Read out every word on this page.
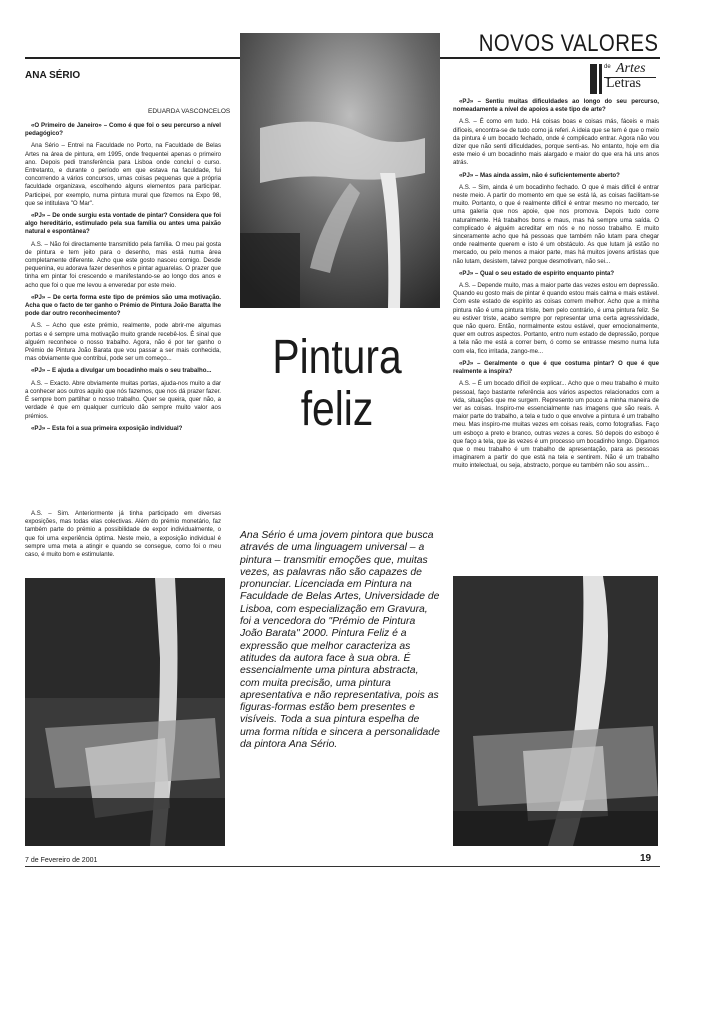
NOVOS VALORES
de Artes
Letras
ANA SÉRIO
EDUARDA VASCONCELOS

«O Primeiro de Janeiro» – Como é que foi o seu percurso a nível pedagógico?

Ana Sério – Entrei na Faculdade no Porto, na Faculdade de Belas Artes na área de pintura, em 1995, onde frequentei apenas o primeiro ano. Depois pedi transferência para Lisboa onde concluí o curso. Entretanto, e durante o período em que estava na faculdade, fui concorrendo a vários concursos, umas coisas pequenas que a própria faculdade organizava, escolhendo alguns elementos para participar. Participei, por exemplo, numa pintura mural que fizemos na Expo 98, que se intitulava "O Mar".

«PJ» – De onde surgiu esta vontade de pintar? Considera que foi algo hereditário, estimulado pela sua família ou antes uma paixão natural e espontânea?

A.S. – Não foi directamente transmitido pela família. O meu pai gosta de pintura e tem jeito para o desenho, mas está numa área completamente diferente. Acho que este gosto nasceu comigo. Desde pequenina, eu adorava fazer desenhos e pintar aguarelas. O prazer que tinha em pintar foi crescendo e manifestando-se ao longo dos anos e acho que foi o que me levou a enveredar por este meio.

«PJ» – De certa forma este tipo de prémios são uma motivação. Acha que o facto de ter ganho o Prémio de Pintura João Baratta lhe pode dar outro reconhecimento?

A.S. – Acho que este prémio, realmente, pode abrir-me algumas portas e é sempre uma motivação muito grande recebê-los. É sinal que alguém reconhece o nosso trabalho. Agora, não é por ter ganho o Prémio de Pintura João Barata que vou passar a ser mais conhecida, mas obviamente que contribui, pode ser um começo...

«PJ» – E ajuda a divulgar um bocadinho mais o seu trabalho...

A.S. – Exacto. Abre obviamente muitas portas, ajuda-nos muito a dar a conhecer aos outros aquilo que nós fazemos, que nos dá prazer fazer. É sempre bom partilhar o nosso trabalho. Quer se queira, quer não, a verdade é que em qualquer currículo dão sempre muito valor aos prémios.

«PJ» – Esta foi a sua primeira exposição individual?

A.S. – Sim. Anteriormente já tinha participado em diversas exposições, mas todas elas colectivas. Além do prémio monetário, faz também parte do prémio a possibilidade de expor individualmente, o que foi uma experiência óptima. Neste meio, a exposição individual é sempre uma meta a atingir e quando se consegue, como foi o meu caso, é muito bom e estimulante.

Pintura
feliz
Ana Sério é uma jovem pintora que busca através de uma linguagem universal – a pintura – transmitir emoções que, muitas vezes, as palavras não são capazes de pronunciar. Licenciada em Pintura na Faculdade de Belas Artes, Universidade de Lisboa, com especialização em Gravura, foi a vencedora do "Prémio de Pintura João Barata" 2000. Pintura Feliz é a expressão que melhor caracteriza as atitudes da autora face à sua obra. É essencialmente uma pintura abstracta, com muita precisão, uma pintura apresentativa e não representativa, pois as figuras-formas estão bem presentes e visíveis. Toda a sua pintura espelha de uma forma nítida e sincera a personalidade da pintora Ana Sério.

«PJ» – Sentiu muitas dificuldades ao longo do seu percurso, nomeadamente a nível de apoios a este tipo de arte?

A.S. – É como em tudo. Há coisas boas e coisas más, fáceis e mais difíceis, encontra-se de tudo como já referi. A ideia que se tem é que o meio da pintura é um bocado fechado, onde é complicado entrar. Agora não vou dizer que não senti dificuldades, porque senti-as. No entanto, hoje em dia este meio é um bocadinho mais alargado e maior do que era há uns anos atrás.

«PJ» – Mas ainda assim, não é suficientemente aberto?

A.S. – Sim, ainda é um bocadinho fechado. O que é mais difícil é entrar neste meio. A partir do momento em que se está lá, as coisas facilitam-se muito. Portanto, o que é realmente difícil é entrar mesmo no mercado, ter uma galeria que nos apoie, que nos promova. Depois tudo corre naturalmente. Há trabalhos bons e maus, mas há sempre uma saída. O complicado é alguém acreditar em nós e no nosso trabalho. E muito sinceramente acho que há pessoas que também não lutam para chegar onde realmente querem e isto é um obstáculo. As que lutam já estão no mercado, ou pelo menos a maior parte, mas há muitos jovens artistas que não lutam, desistem, talvez porque desmotivam, não sei...

«PJ» – Qual o seu estado de espírito enquanto pinta?

A.S. – Depende muito, mas a maior parte das vezes estou em depressão. Quando eu gosto mais de pintar é quando estou mais calma e mais estável. Com este estado de espírito as coisas correm melhor. Acho que a minha pintura não é uma pintura triste, bem pelo contrário, é uma pintura feliz. Se eu estiver triste, acabo sempre por representar uma certa agressividade, que não quero. Então, normalmente estou estável, quer emocionalmente, quer em outros aspectos. Portanto, entro num estado de depressão, porque a tela não me está a correr bem, ó como se entrasse mesmo numa luta com ela, fico irritada, zango-me...

«PJ» – Geralmente o que é que costuma pintar? O que é que realmente a inspira?

A.S. – É um bocado difícil de explicar... Acho que o meu trabalho é muito pessoal, faço bastante referência aos vários aspectos relacionados com a vida, situações que me surgem. Represento um pouco a minha maneira de ver as coisas. Inspiro-me essencialmente nas imagens que são reais. A maior parte do trabalho, a tela e tudo o que envolve a pintura é um trabalho meu. Mas inspiro-me muitas vezes em coisas reais, como fotografias. Faço um esboço a preto e branco, outras vezes a cores. Só depois do esboço é que faço a tela, que às vezes é um processo um bocadinho longo. Digamos que o meu trabalho é um trabalho de apresentação, para as pessoas imaginarem a partir do que está na tela e sentirem. Não é um trabalho muito intelectual, ou seja, abstracto, porque eu também não sou assim...

7 de Fevereiro de 2001	19
